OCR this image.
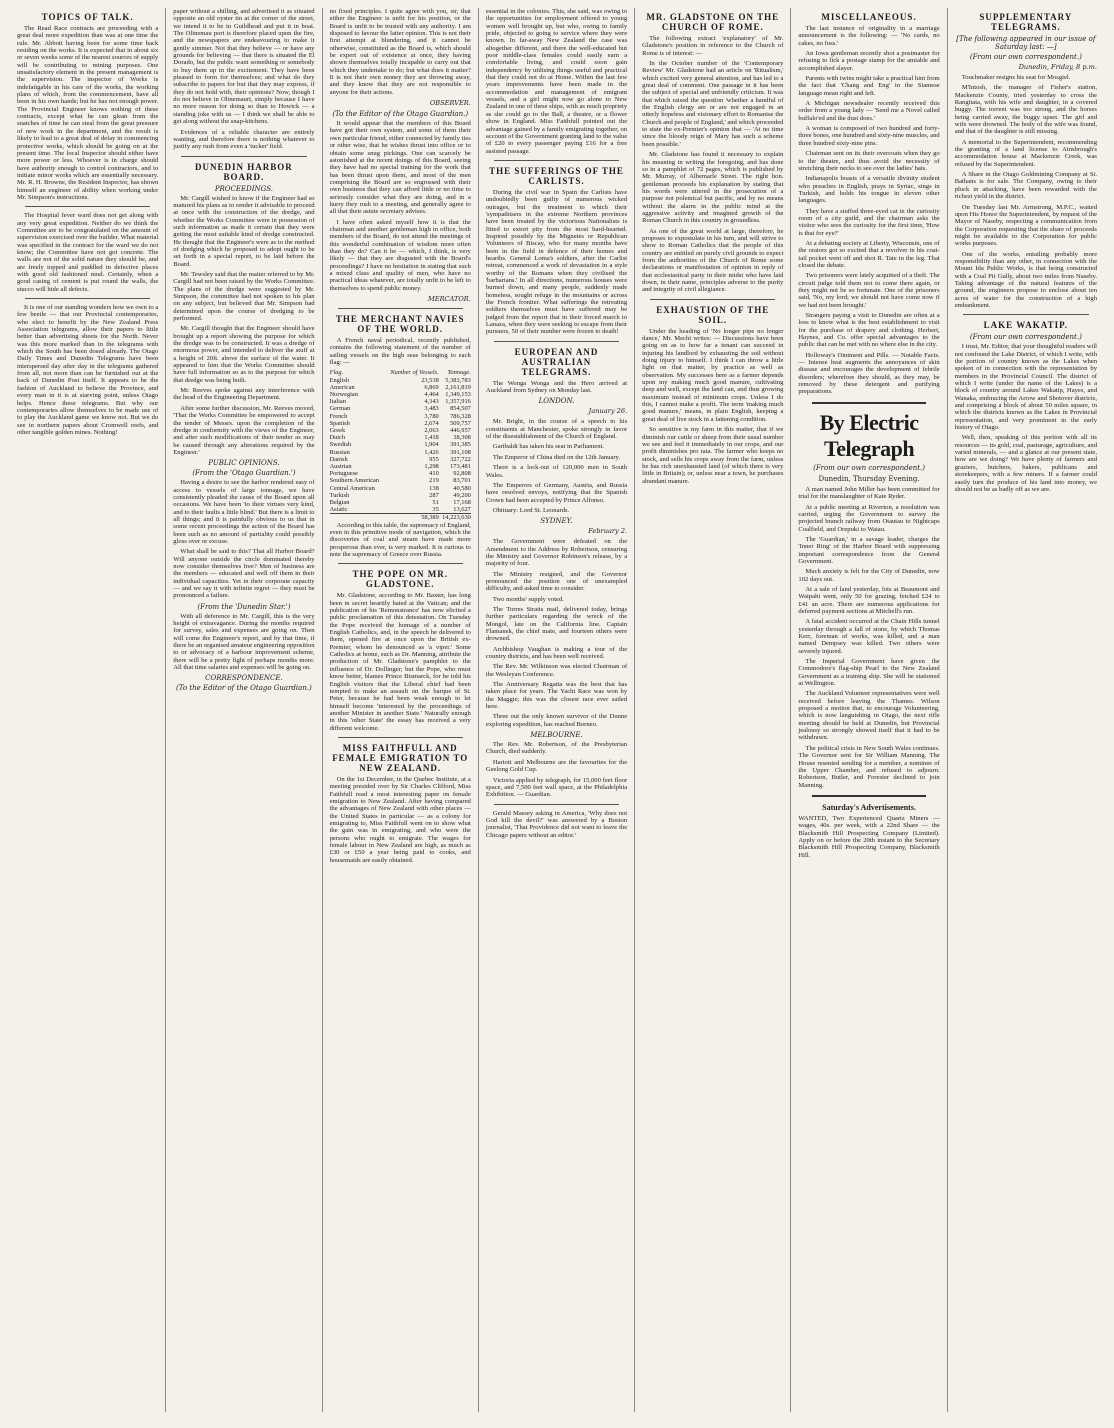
TOPICS OF TALK.
The Read Race contracts are proceeding with a great deal more expedition than was at one time the rule. Mr. Abbott having been for some time back residing on the works. It is expected that in about six or seven weeks some of the nearest sources of supply will be contributing to mining purposes. One unsatisfactory element in the present management is the supervision. The inspector of Works is indefatigable in his care of the works, the working plans of which, from the commencement, have all been in his own hands; but he has not enough power. The Provincial Engineer knows nothing of these contracts, except what he can glean from the snatches of time he can steal from the great pressure of new work in the department, and the result is likely to lead to a great deal of delay in commencing protective works, which should be going on at the present time. The local Inspector should either have more power or less. Whoever is in charge should have authority enough to control contractors, and to initiate minor works which are essentially necessary. Mr. R. H. Browne, the Resident Inspector, has shown himself an engineer of ability when working under Mr. Simpson's instructions.
The Hospital fever ward does not get along with any very great expedition. Neither do we think the Committee are to be congratulated on the amount of supervision exercised over the builder. What material was specified in the contract for the ward we do not know; the Committee have not got concrete. The walls are not of the solid nature they should be, and are freely topped and puddled in defective places with good old fashioned mud. Certainly, when a good casing of cement is put round the walls, the stucco will hide all defects.
It is one of our standing wonders how we own to a few beetle — that our Provincial contemporaries, who elect to benefit by the New Zealand Press Association telegrams, allow their papers to little better than advertising sheets for the North. Never was this more marked than in the telegrams with which the South has been dosed already. The Otago Daily Times and Dunedin Telegrams have been interspersed day after day in the telegrams gathered from all, not more than can be furnished out at the back of Dunedin Post itself. It appears to be the fashion of Auckland to believe the Province, and every man in it is at starving point, unless Otago helps. Hence these telegrams. But why our contemporaries allow themselves to be made use of to play the Auckland game we know not. But we do see in northern papers about Cromwell reefs, and other tangible golden mines. Nothing!
paper without a shilling, and advertised it as situated opposite an old oyster tin at the corner of the street, we intend it to be in Guildhead and put it in boat. The Olinemau port is therefore placed upon the fire, and the newspapers are endeavouring to make it gently simmer. Not that they believe — or have any grounds for believing — that there is situated the El Dorado, but the public want something or somebody to buy them up in the excitement. They have been pleased to form for themselves; and what do they subscribe to papers for but that they may express, if they do not hold with, their opinions? Now, though I do not believe in Olinemauri, simply because I have no more reason for doing so than to Howick — a standing joke with us — I think we shall be able to get along without the snap-kitchens.
Evidences of a reliable character are entirely wanting, and therefore there is nothing whatever to justify any rush from even a 'tucker' field.
DUNEDIN HARBOR BOARD.
PROCEEDINGS.
Mr. Cargill wished to know if the Engineer had so matured his plans as to render it advisable to proceed at once with the construction of the dredge, and whether the Works Committee were in possession of such information as made it certain that they were getting the most suitable kind of dredge constructed. He thought that the Engineer's were as to the method of dredging which he proposed to adopt ought to be set forth in a special report, to be laid before the Board.
Mr. Tewsley said that the matter referred to by Mr. Cargill had not been raised by the Works Committee. The plans of the dredge were suggested by Mr. Simpson, the committee had not spoken to his plan on any subject, but believed that Mr. Simpson had determined upon the course of dredging to be performed.
Mr. Cargill thought that the Engineer should have brought up a report showing the purpose for which the dredge was to be constructed. It was a dredge of enormous power, and intended to deliver the stuff at a height of 20ft. above the surface of the water. It appeared to him that the Works Committee should have full information so as to the purpose for which that dredge was being built.
Mr. Reeves spoke against any interference with the head of the Engineering Department.
After some further discussion, Mr. Reeves moved, 'That the Works Committee be empowered to accept the tender of Messrs. upon the completion of the dredge in conformity with the views of the Engineer, and after such modifications of their tender as may be caused through any alterations required by the Engineer.'
PUBLIC OPINIONS.
(From the 'Otago Guardian.')
Having a desire to see the harbor rendered easy of access to vessels of large tonnage, we have consistently pleaded the cause of the Board upon all occasions. We have been 'to their virtues very kind, and to their faults a little blind.' But there is a limit to all things; and it is painfully obvious to us that in some recent proceedings the action of the Board has been such as no amount of partiality could possibly gloss over or excuse.
What shall be said to this? That all Harbor Board? Will anyone outside the circle dominated thereby now consider themselves free? Men of business are the members — educated and well off them in their individual capacities. Yet in their corporate capacity — and we say it with infinite regret — they must be pronounced a failure.
(From the 'Dunedin Star.')
With all deference to Mr. Cargill, this is the very height of extravagance. During the months required for survey, sales and expenses are going on. Then will come the Engineer's report, and by that time, if there be an organised amateur engineering opposition to or advocacy of a harbour improvement scheme, there will be a pretty fight of perhaps months more. All that time salaries and expenses will be going on.
CORRESPONDENCE.
(To the Editor of the Otago Guardian.)
no fixed principles. I quite agree with you, sir, that either the Engineer is unfit for his position, or the Board is unfit to be trusted with any authority. I am disposed to favour the latter opinion. This is not their first attempt at blundering, and it cannot be otherwise, constituted as the Board is, which should be expert out of existence at once, they having shown themselves totally incapable to carry out that which they undertake to do; but what does it matter? It is not their own money they are throwing away, and they know that they are not responsible to anyone for their actions.
OBSERVER.
(To the Editor of the Otago Guardian.)
It would appear that the members of this Board have got their own system, and some of them their own particular friend, either connected by family ties or other wise, that he wishes thrust into office or to obtain some snug pickings. One can scarcely be astonished at the recent doings of this Board, seeing they have had no special training for the work that has been thrust upon them, and most of the men comprising the Board are so engrossed with their own business that they can afford little or no time to seriously consider what they are doing, and in a hurry they rush to a meeting, and generally agree to all that their astute secretary advises.
I have often asked myself how it is that the chairman and another gentleman high in office, both members of the Board, do not attend the meetings of this wonderful combination of wisdom more often than they do? Can it be — which, I think, is very likely — that they are disgusted with the Board's proceedings? I have no hesitation in stating that such a mixed class and quality of men, who have no practical ideas whatever, are totally unfit to be left to themselves to spend public money.
MERCATOR.
THE MERCHANT NAVIES OF THE WORLD.
A French naval periodical, recently published, contains the following statement of the number of sailing vessels on the high seas belonging to each flag: —
Flag.	Number of Vessels.	Tonnage.
English	23,538	5,383,783
American	6,869	2,161,819
Norwegian	4,464	1,349,153
Italian	4,343	1,357,916
German	3,483	854,507
French	3,780	786,328
Spanish	2,674	509,757
Greek	2,063	446,957
Dutch	1,418	38,308
Swedish	1,904	391,385
Russian	1,426	391,108
Danish	955	327,722
Austrian	1,298	173,481
Portuguese	410	92,808
Southern American	219	83,701
Central American	138	40,580
Turkish	287	49,200
Belgian	51	17,168
Asiatic	35	13,627
	58,389	14,223,630
According to this table, the supremacy of England, even in this primitive mode of navigation, which the discoveries of coal and steam have made more prosperous than ever, is very marked. It is curious to note the supremacy of Greece over Russia.
THE POPE ON MR. GLADSTONE.
Mr. Gladstone, according to Mr. Baxter, has long been in secret heartily hated at the Vatican; and the publication of his 'Remonstrance' has now elicited a public proclamation of this detestation. On Tuesday the Pope received the homage of a number of English Catholics, and, in the speech he delivered to them, opened fire at once upon the British ex-Premier, whom he denounced as 'a viper.' Some Catholics at home, such as Dr. Manning, attribute the production of Mr. Gladstone's pamphlet to the influence of Dr. Dollinger; but the Pope, who must know better, blames Prince Bismarck, for he told his English visitors that the Liberal chief had been tempted to make an assault on the barque of St. Peter, because he had been weak enough to let himself become 'interested by the proceedings of another Minister in another State.' Naturally enough in this 'other State' the essay has received a very different welcome.
MISS FAITHFULL AND FEMALE EMIGRATION TO NEW ZEALAND.
On the 1st December, in the Quebec Institute, at a meeting presided over by Sir Charles Clifford, Miss Faithfull read a most interesting paper on female emigration to New Zealand. After having compared the advantages of New Zealand with other places — the United States in particular — as a colony for emigrating to, Miss Faithfull went on to show what the gain was in emigrating, and who were the persons who ought to emigrate. The wages for female labour in New Zealand are high, as much as £30 or £50 a year being paid to cooks, and housemaids are easily obtained.
essential in the colonies. This, she said, was owing to the opportunities for employment offered to young women well brought up, but who, owing to family pride, objected to going to service where they were known. In far-away New Zealand the case was altogether different, and there the well-educated but poor middle-class females could easily earn a comfortable living, and could soon gain independency by utilising things useful and practical that they could not do at Home. Within the last few years improvements have been made in the accommodation and management of emigrant vessels, and a girl might now go alone to New Zealand in one of these ships, with as much propriety as she could go to the Ball, a theatre, or a flower show in England. Miss Faithfull pointed out the advantage gained by a family emigrating together, on account of the Government granting land to the value of £20 to every passenger paying £16 for a free assisted passage.
THE SUFFERINGS OF THE CARLISTS.
During the civil war in Spain the Carlists have undoubtedly been guilty of numerous wicked outrages, but the treatment to which their 'sympathisers in the extreme Northern provinces have been treated by the victorious Nationalists is fitted to extort pity from the most hard-hearted. Inspired possibly by the Mignetes or Republican Volunteers of Biscay, who for many months have been in the field in defence of their homes and hearths. General Loma's soldiers, after the Carlist retreat, commenced a work of devastation in a style worthy of the Romans when they civilised the 'barbarians.' In all directions, numerous houses were burned down, and many people, suddenly made homeless, sought refuge in the mountains or across the French frontier. What sufferings the retreating soldiers themselves must have suffered may be judged from the report that in their forced march to Lanaza, when they were seeking to escape from their pursuers, 50 of their number were frozen to death!
EUROPEAN AND AUSTRALIAN TELEGRAMS.
The Wonga Wonga and the Hero arrived at Auckland from Sydney on Monday last.
LONDON.
January 26.
Mr. Bright, in the course of a speech to his constituents at Manchester, spoke strongly in favor of the disestablishment of the Church of England.
Garibaldi has taken his seat in Parliament.
The Emperor of China died on the 12th January.
There is a lock-out of 120,000 men in South Wales.
The Emperors of Germany, Austria, and Russia have resolved envoys, notifying that the Spanish Crown had been accepted by Prince Alfonso.
Obituary: Lord St. Leonards.
SYDNEY.
February 2.
The Government were defeated on the Amendment to the Address by Robertson, censuring the Ministry and Governor Robinson's release, by a majority of four.
The Ministry resigned, and the Governor pronounced the position one of unexampled difficulty, and asked time to consider.
Two months' supply voted.
The Torres Straits mail, delivered today, brings further particulars regarding the wreck of the Mongol, late on the California line. Captain Flamanek, the chief mate, and fourteen others were drowned.
Archbishop Vaughan is making a tour of the country districts, and has been well received.
The Rev. Mr. Wilkinson was elected Chairman of the Wesleyan Conference.
The Anniversary Regatta was the best that has taken place for years. The Yacht Race was won by the Maggie; this was the closest race ever sailed here.
Three out the only known survivor of the Dunne exploring expedition, has reached Borneo.
MELBOURNE.
The Rev. Mr. Robertson, of the Presbyterian Church, died suddenly.
Hariott and Melbourne are the favourites for the Geelong Gold Cup.
Victoria applied by telegraph, for 15,000 feet floor space, and 7,500 feet wall space, at the Philadelphia Exhibition. — Guardian.
Gerald Massey asking in America, 'Why does not God kill the devil?' was answered by a Boston journalist, 'That Providence did not want to leave the Chicago papers without an editor.'
MR. GLADSTONE ON THE CHURCH OF ROME.
The following extract 'explanatory' of Mr. Gladstone's position in reference to the Church of Rome is of interest: —
In the October number of the 'Contemporary Review' Mr. Gladstone had an article on 'Ritualism,' which excited very general attention, and has led to a great deal of comment. One passage in it has been the subject of special and unfriendly criticism. It was that which raised the question 'whether a handful of the English clergy are or are not engaged in an utterly hopeless and visionary effort to Romanise the Church and people of England,' and which proceeded to state the ex-Premier's opinion that — 'At no time since the bloody reign of Mary has such a scheme been possible.'
Mr. Gladstone has found it necessary to explain his meaning in writing the foregoing, and has done so in a pamphlet of 72 pages, which is published by Mr. Murray, of Albemarle Street. The right hon. gentleman proceeds his explanation by stating that his words were uttered in the prosecution of a purpose not polemical but pacific, and by no means without the alarm in the public mind at the aggressive activity and imagined growth of the Roman Church in this country in groundless.
As one of the great world at large, therefore, he proposes to expostulate in his turn, and will strive to show to Roman Catholics that the people of this country are entitled on purely civil grounds to expect from the authorities of the Church of Rome some declarations or manifestation of opinion in reply of that ecclesiastical party in their midst who have laid down, in their name, principles adverse to the purity and integrity of civil allegiance.
EXHAUSTION OF THE SOIL.
Under the heading of 'No longer pipe no longer dance,' Mr. Mechi writes: — Discussions have been going on as to how far a tenant can succeed in injuring his landlord by exhausting the soil without doing injury to himself. I think I can throw a little light on that matter, by practice as well as observation. My successes here as a farmer depends upon my making much good manure, cultivating deep and well, except the land can, and thus growing maximum instead of minimum crops. Unless I do this, I cannot make a profit. The term 'making much good manure,' means, in plain English, keeping a great deal of live stock in a fattening condition.
So sensitive is my farm in this matter, that if we diminish our cattle or sheep from their usual number we see and feel it immediately in our crops, and our profit diminishes pro rata. The farmer who keeps no stock, and sells his crops away from the farm, unless he has rich unexhausted land (of which there is very little in Britain); or, unless near a town, he purchases abundant manure.
MISCELLANEOUS.
The last instance of originality in a marriage announcement is the following: — 'No cards, no cakes, no fuss.'
An Iowa gentleman recently shot a postmaster for refusing to lick a postage stamp for the amiable and accomplished slayer.
Parents with twins might take a practical hint from the fact that 'Chang and Eng' in the Siamese language mean right and left.
A Michigan newsdealer recently received this order from a young lady — 'Send me a Novel called buffalo'ed and the dust does.'
A woman is composed of two hundred and forty-three bones, one hundred and sixty-nine muscles, and three hundred sixty-nine pins.
Chairman sent on its their overcoats when they go to the theatre, and thus avoid the necessity of stretching their necks to see over the ladies' hats.
Indianapolis boasts of a versatile divinity student who preaches in English, prays in Syriac, sings in Turkish, and holds his tongue in eleven other languages.
They have a stuffed three-eyed cat in the curiosity room of a city guild, and the chairman asks the visitor who sees the curiosity for the first time, 'How is that for eye?'
At a debating society at Liberty, Wisconsin, one of the orators got so excited that a revolver in his coat-tail pocket went off and shot R. Tate in the leg. That closed the debate.
Two prisoners were lately acquitted of a theft. The circuit judge told them not to come there again, or they might not be so fortunate. One of the prisoners said, 'No, my lord; we should not have come now if we had not been brought.'
Strangers paying a visit to Dunedin are often at a loss to know what is the best establishment to visit for the purchase of drapery and clothing. Herbert, Haynes, and Co. offer special advantages to the public that can be met with no where else in the city.
Holloway's Ointment and Pills. — Notable Facts. — Intense heat augments the annoyances of skin disease and encourages the development of febrile disorders; wherefore they should, as they may, be removed by these detergent and purifying preparations.
By Electric Telegraph
(From our own correspondent.)
Dunedin, Thursday Evening.
A man named John Miller has been committed for trial for the manslaughter of Kate Ryder.
At a public meeting at Riverton, a resolution was carried, urging the Government to survey the projected branch railway from Otautau to Nightcaps Coalfield, and Orepuki to Waiau.
The 'Guardian,' in a savage leader, charges the 'Inner Ring' of the Harbor Board with suppressing important correspondence from the General Government.
Much anxiety is felt for the City of Dunedin, now 102 days out.
At a sale of land yesterday, lots at Beaumont and Waipahi went, only 50 for grazing, fetched £24 to £41 an acre. There are numerous applications for deferred payment sections at Mitchell's run.
A fatal accident occurred at the Chain Hills tunnel yesterday through a fall of stone, by which Thomas Kerr, foreman of works, was killed, and a man named Dempsey was killed. Two others were severely injured.
The Imperial Government have given the Commodore's flag-ship Pearl to the New Zealand Government as a training ship. She will be stationed at Wellington.
The Auckland Volunteer representatives were well received before leaving the Thames. Wilson proposed a motion that, to encourage Volunteering, which is now languishing in Otago, the next rifle meeting should be held at Dunedin, but Provincial jealousy so strongly showed itself that it had to be withdrawn.
The political crisis in New South Wales continues. The Governor sent for Sir William Manning. The House resented sending for a member, a nominee of the Upper Chamber, and refused to adjourn. Robertson, Butler, and Forester declined to join Manning.
Saturday's Advertisements.
WANTED, Two Experienced Quartz Miners — wages, 40s. per week, with a 22nd Share — the Blacksmith Hill Prospecting Company (Limited). Apply on or before the 20th instant to the Secretary Blacksmith Hill Prospecting Company, Blacksmith Hill.
SUPPLEMENTARY TELEGRAMS.
[The following appeared in our issue of Saturday last: —]
(From our own correspondent.)
Dunedin, Friday, 8 p.m.
Touchmaker resigns his seat for Mosgiel.
M'Intosh, the manager of Fisher's station, Mackenzie County, tried yesterday to cross the Rangitata, with his wife and daughter, in a covered buggy. The torrent was too strong, and the horses being carried away, the buggy upset. The girl and wife were drowned. The body of the wife was found, and that of the daughter is still missing.
A memorial to the Superintendent, recommending the granting of a land license to Ainsbrough's accommodation house at Mackenzie Creek, was refused by the Superintendent.
A Share in the Otago Goldmining Company at St. Bathans is for sale. The Company, owing to their pluck in attacking, have been rewarded with the richest yield in the district.
On Tuesday last Mr. Armstrong, M.P.C., waited upon His Honor the Superintendent, by request of the Mayor of Naseby, respecting a communication from the Corporation requesting that the share of proceeds might be available to the Corporation for public works purposes.
One of the works, entailing probably more responsibility than any other, in connection with the Mount Ida Public Works, is that being constructed with a Coal Pit Gully, about two miles from Naseby. Taking advantage of the natural features of the ground, the engineers propose to enclose about ten acres of water for the construction of a high embankment.
LAKE WAKATIP.
(From our own correspondent.)
I trust, Mr. Editor, that your thoughtful readers will not confound the Lake District, of which I write, with the portion of country known as the Lakes when spoken of in connection with the representation by members in the Provincial Council. The district of which I write (under the name of the Lakes) is a block of country around Lakes Wakatip, Hayes, and Wanaka, embracing the Arrow and Shotover districts, and comprising a block of about 50 miles square, in which the districts known as the Lakes in Provincial representation, and very prominent in the early history of Otago.
Well, then, speaking of this portion with all its resources — its gold, coal, pasturage, agriculture, and varied minerals, — and a glance at our present state, how are we doing? We have plenty of farmers and graziers, butchers, bakers, publicans and storekeepers, with a few miners. If a farmer could easily turn the produce of his land into money, we should not be as badly off as we are.
